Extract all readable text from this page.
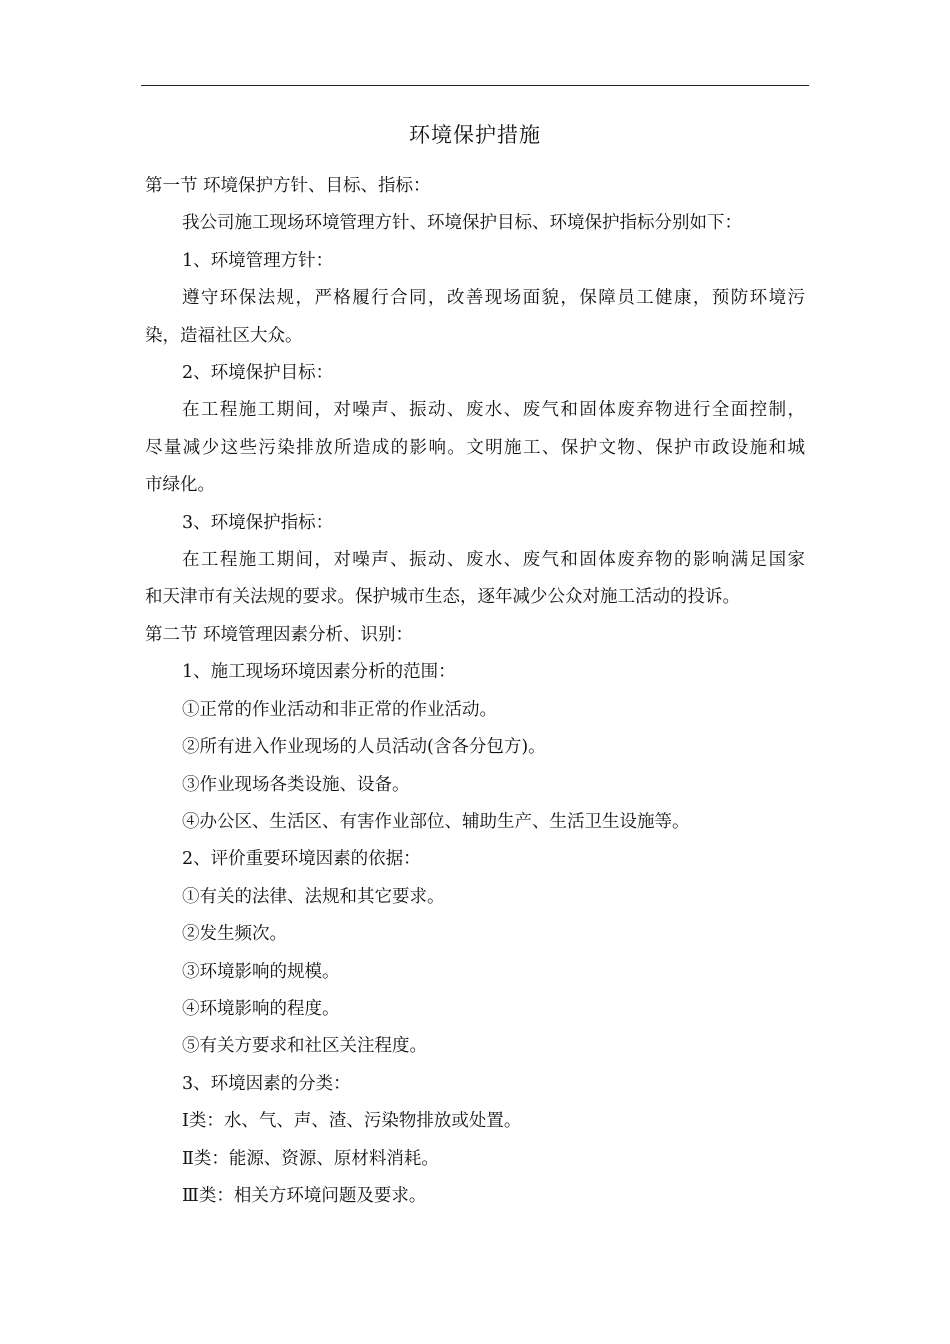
环境保护措施

第一节 环境保护方针、目标、指标：

我公司施工现场环境管理方针、环境保护目标、环境保护指标分别如下：

1、环境管理方针：

遵守环保法规，严格履行合同，改善现场面貌，保障员工健康，预防环境污

染，造福社区大众。

2、环境保护目标：

在工程施工期间，对噪声、振动、废水、废气和固体废弃物进行全面控制，

尽量减少这些污染排放所造成的影响。文明施工、保护文物、保护市政设施和城

市绿化。

3、环境保护指标：

在工程施工期间，对噪声、振动、废水、废气和固体废弃物的影响满足国家

和天津市有关法规的要求。保护城市生态，逐年减少公众对施工活动的投诉。

第二节 环境管理因素分析、识别：

1、施工现场环境因素分析的范围：

①正常的作业活动和非正常的作业活动。

②所有进入作业现场的人员活动(含各分包方)。

③作业现场各类设施、设备。

④办公区、生活区、有害作业部位、辅助生产、生活卫生设施等。

2、评价重要环境因素的依据：

①有关的法律、法规和其它要求。

②发生频次。

③环境影响的规模。

④环境影响的程度。

⑤有关方要求和社区关注程度。

3、环境因素的分类：

Ⅰ类：水、气、声、渣、污染物排放或处置。

Ⅱ类：能源、资源、原材料消耗。

Ⅲ类：相关方环境问题及要求。
